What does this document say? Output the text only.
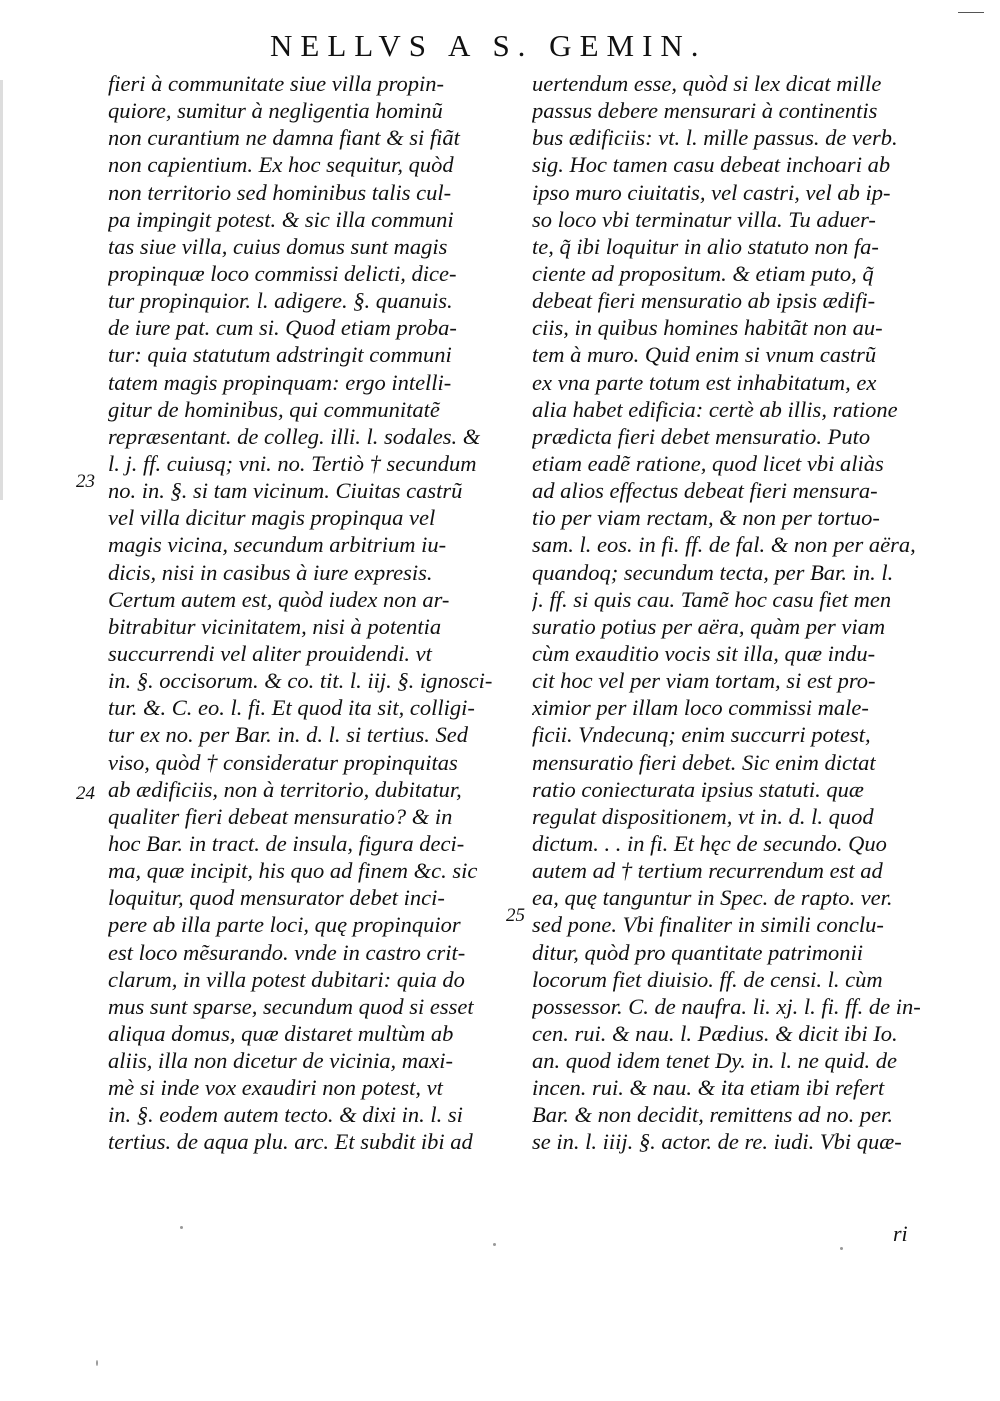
NELLVS A S. GEMIN.
fieri à communitate siue villa propin-
quiore, sumitur à negligentia hominũ
non curantium ne damna fiant & si fiãt
non capientium. Ex hoc sequitur, quòd
non territorio sed hominibus talis cul-
pa impingit potest. & sic illa communi
tas siue villa, cuius domus sunt magis
propinquæ loco commissi delicti, dice-
tur propinquior. l. adigere. §. quanuis.
de iure pat. cum si. Quod etiam proba-
tur: quia statutum adstringit communi
tatem magis propinquam: ergo intelli-
gitur de hominibus, qui communitatẽ
repræsentant. de colleg. illi. l. sodales. &
l. j. ff. cuiusq; vni. no. Tertiò † secundum
no. in. §. si tam vicinum. Ciuitas castrũ
vel villa dicitur magis propinqua vel
magis vicina, secundum arbitrium iu-
dicis, nisi in casibus à iure expresis.
Certum autem est, quòd iudex non ar-
bitrabitur vicinitatem, nisi à potentia
succurrendi vel aliter prouidendi. vt
in. §. occisorum. & co. tit. l. iij. §. ignosci-
tur. &. C. eo. l. fi. Et quod ita sit, colligi-
tur ex no. per Bar. in. d. l. si tertius. Sed
viso, quòd † consideratur propinquitas
ab ædificiis, non à territorio, dubitatur,
qualiter fieri debeat mensuratio? & in
hoc Bar. in tract. de insula, figura deci-
ma, quæ incipit, his quo ad finem &c. sic
loquitur, quod mensurator debet inci-
pere ab illa parte loci, quę propinquior
est loco mẽsurando. vnde in castro crit-
clarum, in villa potest dubitari: quia do
mus sunt sparse, secundum quod si esset
aliqua domus, quæ distaret multùm ab
aliis, illa non dicetur de vicinia, maxi-
mè si inde vox exaudiri non potest, vt
in. §. eodem autem tecto. & dixi in. l. si
tertius. de aqua plu. arc. Et subdit ibi ad
uertendum esse, quòd si lex dicat mille
passus debere mensurari à continentis
bus ædificiis: vt. l. mille passus. de verb.
sig. Hoc tamen casu debeat inchoari ab
ipso muro ciuitatis, vel castri, vel ab ip-
so loco vbi terminatur villa. Tu aduer-
te, q̃ ibi loquitur in alio statuto non fa-
ciente ad propositum. & etiam puto, q̃
debeat fieri mensuratio ab ipsis ædifi-
ciis, in quibus homines habitãt non au-
tem à muro. Quid enim si vnum castrũ
ex vna parte totum est inhabitatum, ex
alia habet edificia: certè ab illis, ratione
prædicta fieri debet mensuratio. Puto
etiam eadẽ ratione, quod licet vbi aliàs
ad alios effectus debeat fieri mensura-
tio per viam rectam, & non per tortuo-
sam. l. eos. in fi. ff. de fal. & non per aëra,
quandoq; secundum tecta, per Bar. in. l.
j. ff. si quis cau. Tamẽ hoc casu fiet men
suratio potius per aëra, quàm per viam
cùm exauditio vocis sit illa, quæ indu-
cit hoc vel per viam tortam, si est pro-
ximior per illam loco commissi male-
ficii. Vndecunq; enim succurri potest,
mensuratio fieri debet. Sic enim dictat
ratio coniecturata ipsius statuti. quæ
regulat dispositionem, vt in. d. l. quod
dictum. . . in fi. Et hęc de secundo. Quo
autem ad † tertium recurrendum est ad
ea, quę tanguntur in Spec. de rapto. ver.
sed pone. Vbi finaliter in simili conclu-
ditur, quòd pro quantitate patrimonii
locorum fiet diuisio. ff. de censi. l. cùm
possessor. C. de naufra. li. xj. l. fi. ff. de in-
cen. rui. & nau. l. Pædius. & dicit ibi Io.
an. quod idem tenet Dy. in. l. ne quid. de
incen. rui. & nau. & ita etiam ibi refert
Bar. & non decidit, remittens ad no. per.
se in. l. iiij. §. actor. de re. iudi. Vbi quæ-
23
24
25
ri
